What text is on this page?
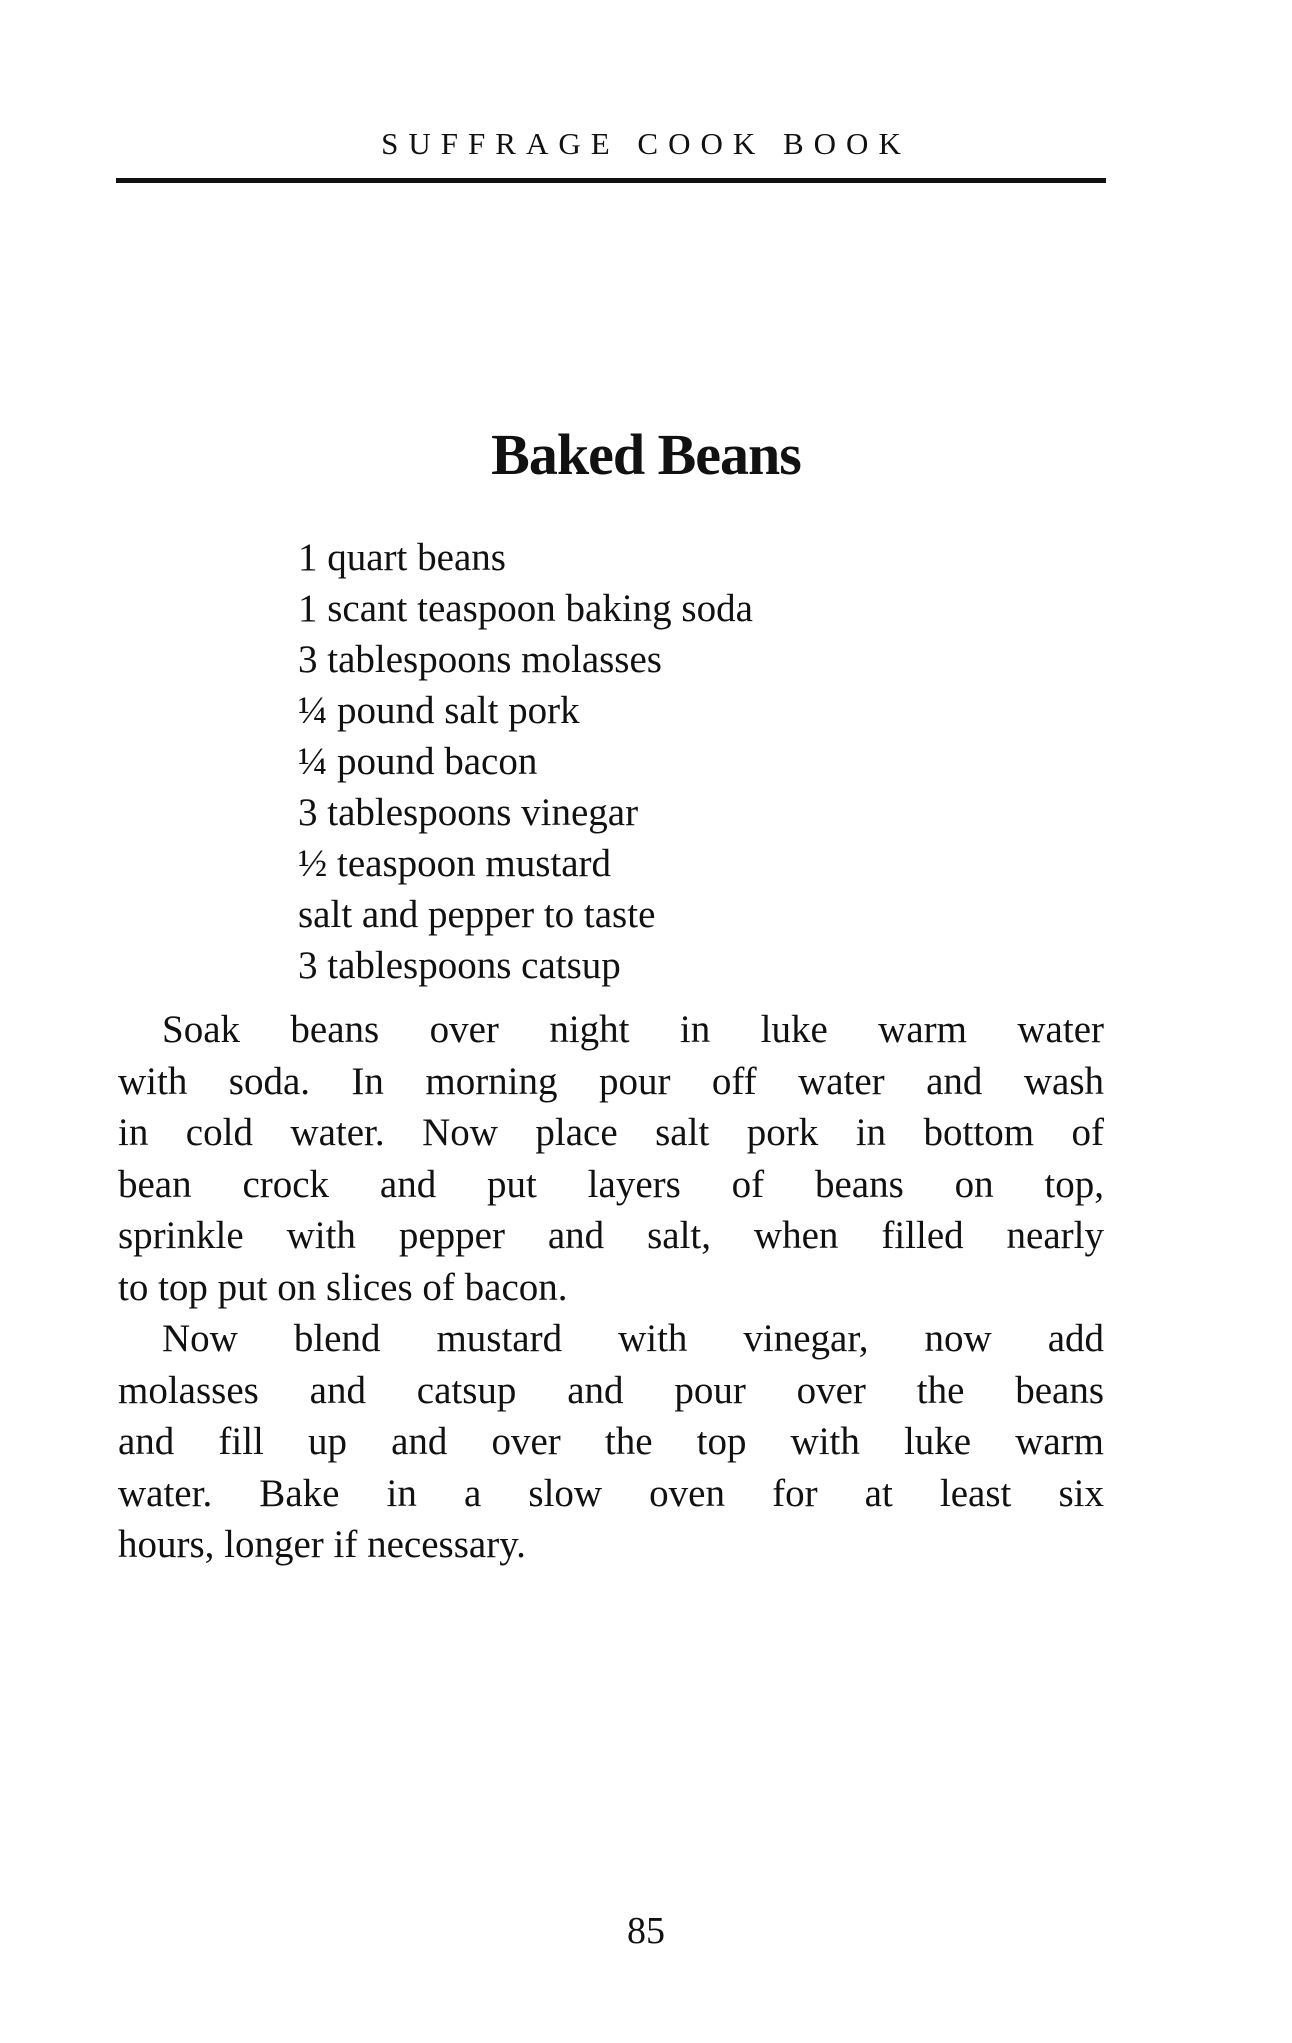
SUFFRAGE COOK BOOK
Baked Beans
1 quart beans
1 scant teaspoon baking soda
3 tablespoons molasses
¼ pound salt pork
¼ pound bacon
3 tablespoons vinegar
½ teaspoon mustard
salt and pepper to taste
3 tablespoons catsup
Soak beans over night in luke warm water
with soda. In morning pour off water and wash
in cold water. Now place salt pork in bottom of
bean crock and put layers of beans on top,
sprinkle with pepper and salt, when filled nearly
to top put on slices of bacon.
Now blend mustard with vinegar, now add
molasses and catsup and pour over the beans
and fill up and over the top with luke warm
water. Bake in a slow oven for at least six
hours, longer if necessary.
85
